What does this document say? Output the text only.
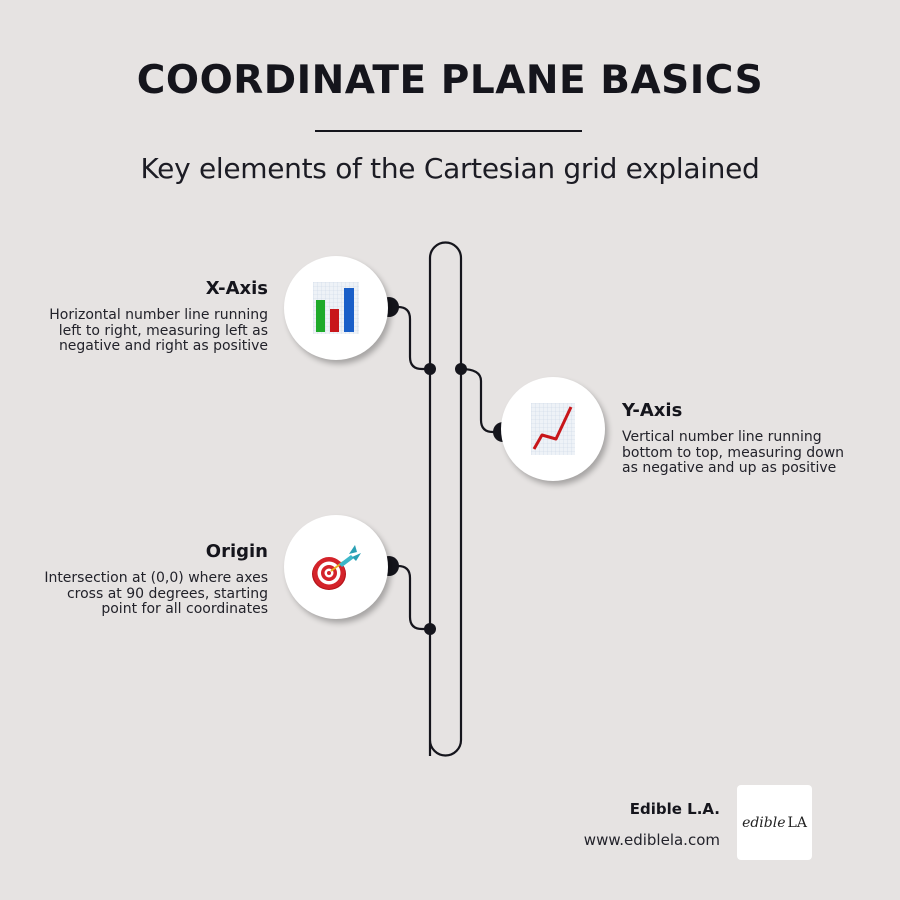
COORDINATE PLANE BASICS
Key elements of the Cartesian grid explained
X-Axis
Horizontal number line running left to right, measuring left as negative and right as positive
Y-Axis
Vertical number line running bottom to top, measuring down as negative and up as positive
Origin
Intersection at (0,0) where axes cross at 90 degrees, starting point for all coordinates
Edible L.A.
www.ediblela.com
edible LA
